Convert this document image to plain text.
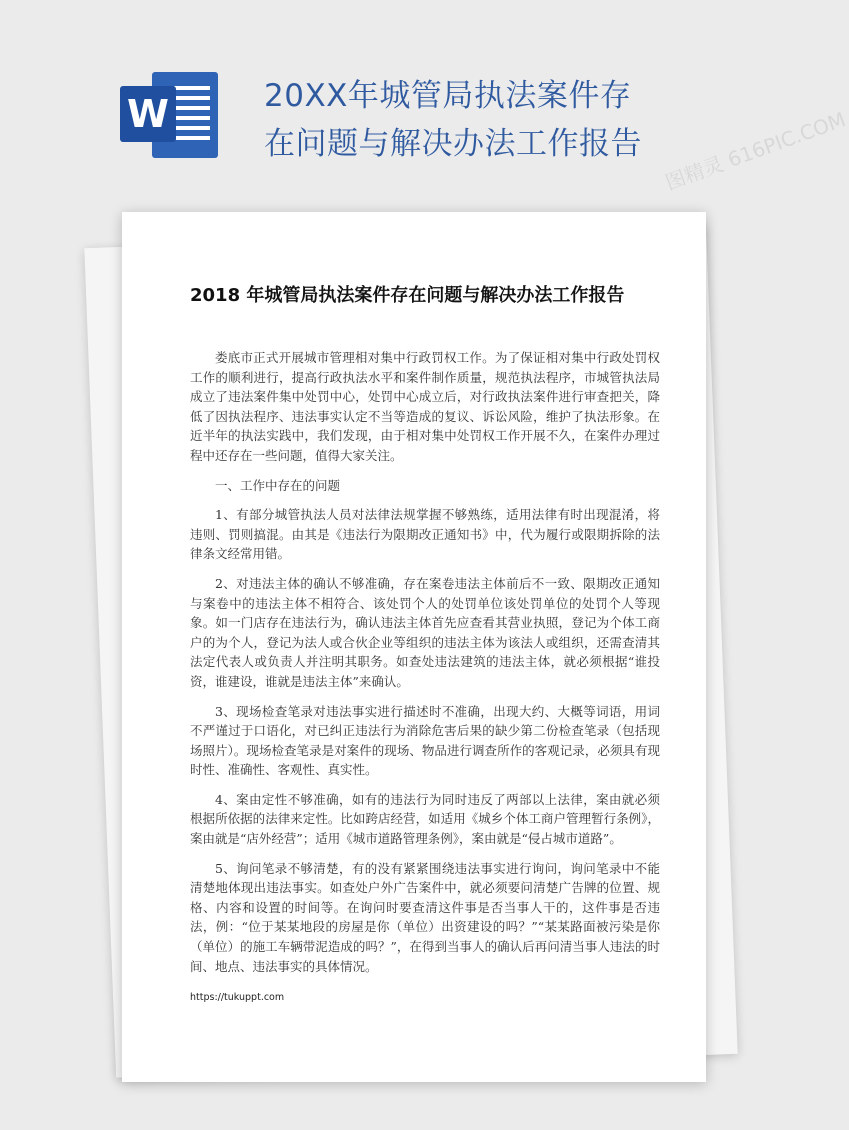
W	20XX年城管局执法案件存
在问题与解决办法工作报告
2018 年城管局执法案件存在问题与解决办法工作报告

娄底市正式开展城市管理相对集中行政罚权工作。为了保证相对集中行政处罚权工作的顺利进行，提高行政执法水平和案件制作质量，规范执法程序，市城管执法局成立了违法案件集中处罚中心，处罚中心成立后，对行政执法案件进行审查把关，降低了因执法程序、违法事实认定不当等造成的复议、诉讼风险，维护了执法形象。在近半年的执法实践中，我们发现，由于相对集中处罚权工作开展不久，在案件办理过程中还存在一些问题，值得大家关注。

一、工作中存在的问题

1、有部分城管执法人员对法律法规掌握不够熟练，适用法律有时出现混淆，将违则、罚则搞混。由其是《违法行为限期改正通知书》中，代为履行或限期拆除的法律条文经常用错。

2、对违法主体的确认不够准确，存在案卷违法主体前后不一致、限期改正通知与案卷中的违法主体不相符合、该处罚个人的处罚单位该处罚单位的处罚个人等现象。如一门店存在违法行为，确认违法主体首先应查看其营业执照，登记为个体工商户的为个人，登记为法人或合伙企业等组织的违法主体为该法人或组织，还需查清其法定代表人或负责人并注明其职务。如查处违法建筑的违法主体，就必须根据“谁投资，谁建设，谁就是违法主体”来确认。

3、现场检查笔录对违法事实进行描述时不准确，出现大约、大概等词语，用词不严谨过于口语化，对已纠正违法行为消除危害后果的缺少第二份检查笔录（包括现场照片）。现场检查笔录是对案件的现场、物品进行调查所作的客观记录，必须具有现时性、准确性、客观性、真实性。

4、案由定性不够准确，如有的违法行为同时违反了两部以上法律，案由就必须根据所依据的法律来定性。比如跨店经营，如适用《城乡个体工商户管理暂行条例》，案由就是“店外经营”；适用《城市道路管理条例》，案由就是“侵占城市道路”。

5、询问笔录不够清楚，有的没有紧紧围绕违法事实进行询问，询问笔录中不能清楚地体现出违法事实。如查处户外广告案件中，就必须要问清楚广告牌的位置、规格、内容和设置的时间等。在询问时要查清这件事是否当事人干的，这件事是否违法，例：“位于某某地段的房屋是你（单位）出资建设的吗？”“某某路面被污染是你（单位）的施工车辆带泥造成的吗？”，在得到当事人的确认后再问清当事人违法的时间、地点、违法事实的具体情况。

https://tukuppt.com
图精灵 616PIC.COM
